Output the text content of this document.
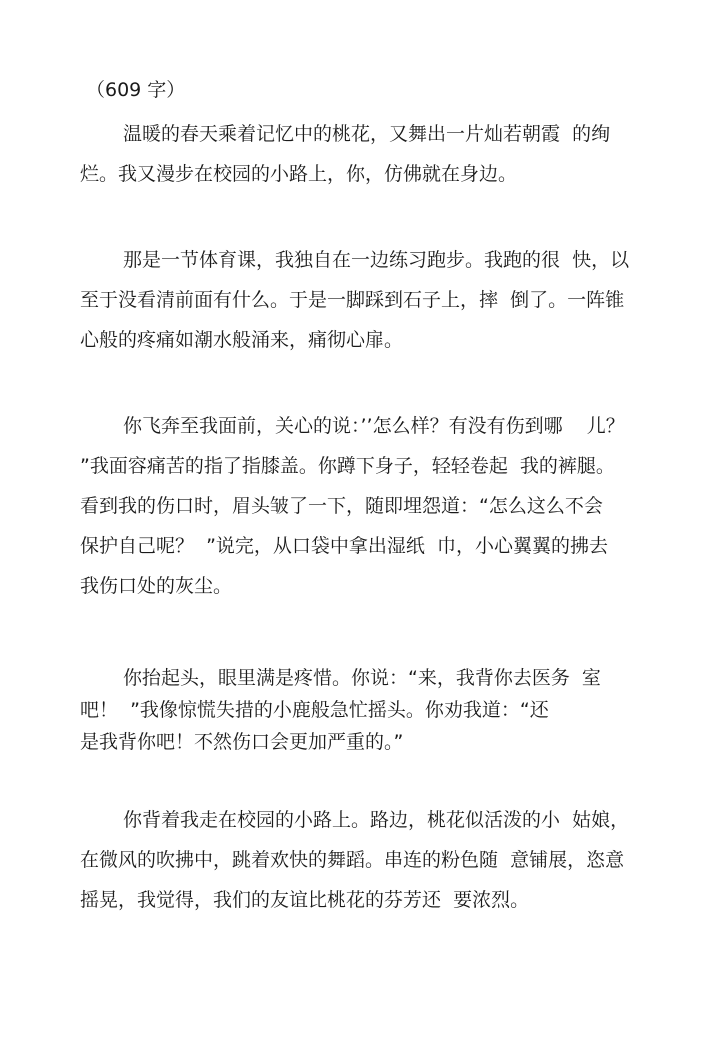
（609 字）
温暖的春天乘着记忆中的桃花，又舞出一片灿若朝霞  的绚
烂。我又漫步在校园的小路上，你，仿佛就在身边。
那是一节体育课，我独自在一边练习跑步。我跑的很  快，以
至于没看清前面有什么。于是一脚踩到石子上，摔  倒了。一阵锥
心般的疼痛如潮水般涌来，痛彻心扉。
你飞奔至我面前，关心的说：’’怎么样？有没有伤到哪    儿？
”我面容痛苦的指了指膝盖。你蹲下身子，轻轻卷起  我的裤腿。
看到我的伤口时，眉头皱了一下，随即埋怨道：“怎么这么不会
保护自己呢？  ”说完，从口袋中拿出湿纸  巾，小心翼翼的拂去
我伤口处的灰尘。
你抬起头，眼里满是疼惜。你说：“来，我背你去医务  室
吧！  ”我像惊慌失措的小鹿般急忙摇头。你劝我道：“还
是我背你吧！不然伤口会更加严重的。”
你背着我走在校园的小路上。路边，桃花似活泼的小  姑娘，
在微风的吹拂中，跳着欢快的舞蹈。串连的粉色随  意铺展，恣意
摇晃，我觉得，我们的友谊比桃花的芬芳还  要浓烈。
